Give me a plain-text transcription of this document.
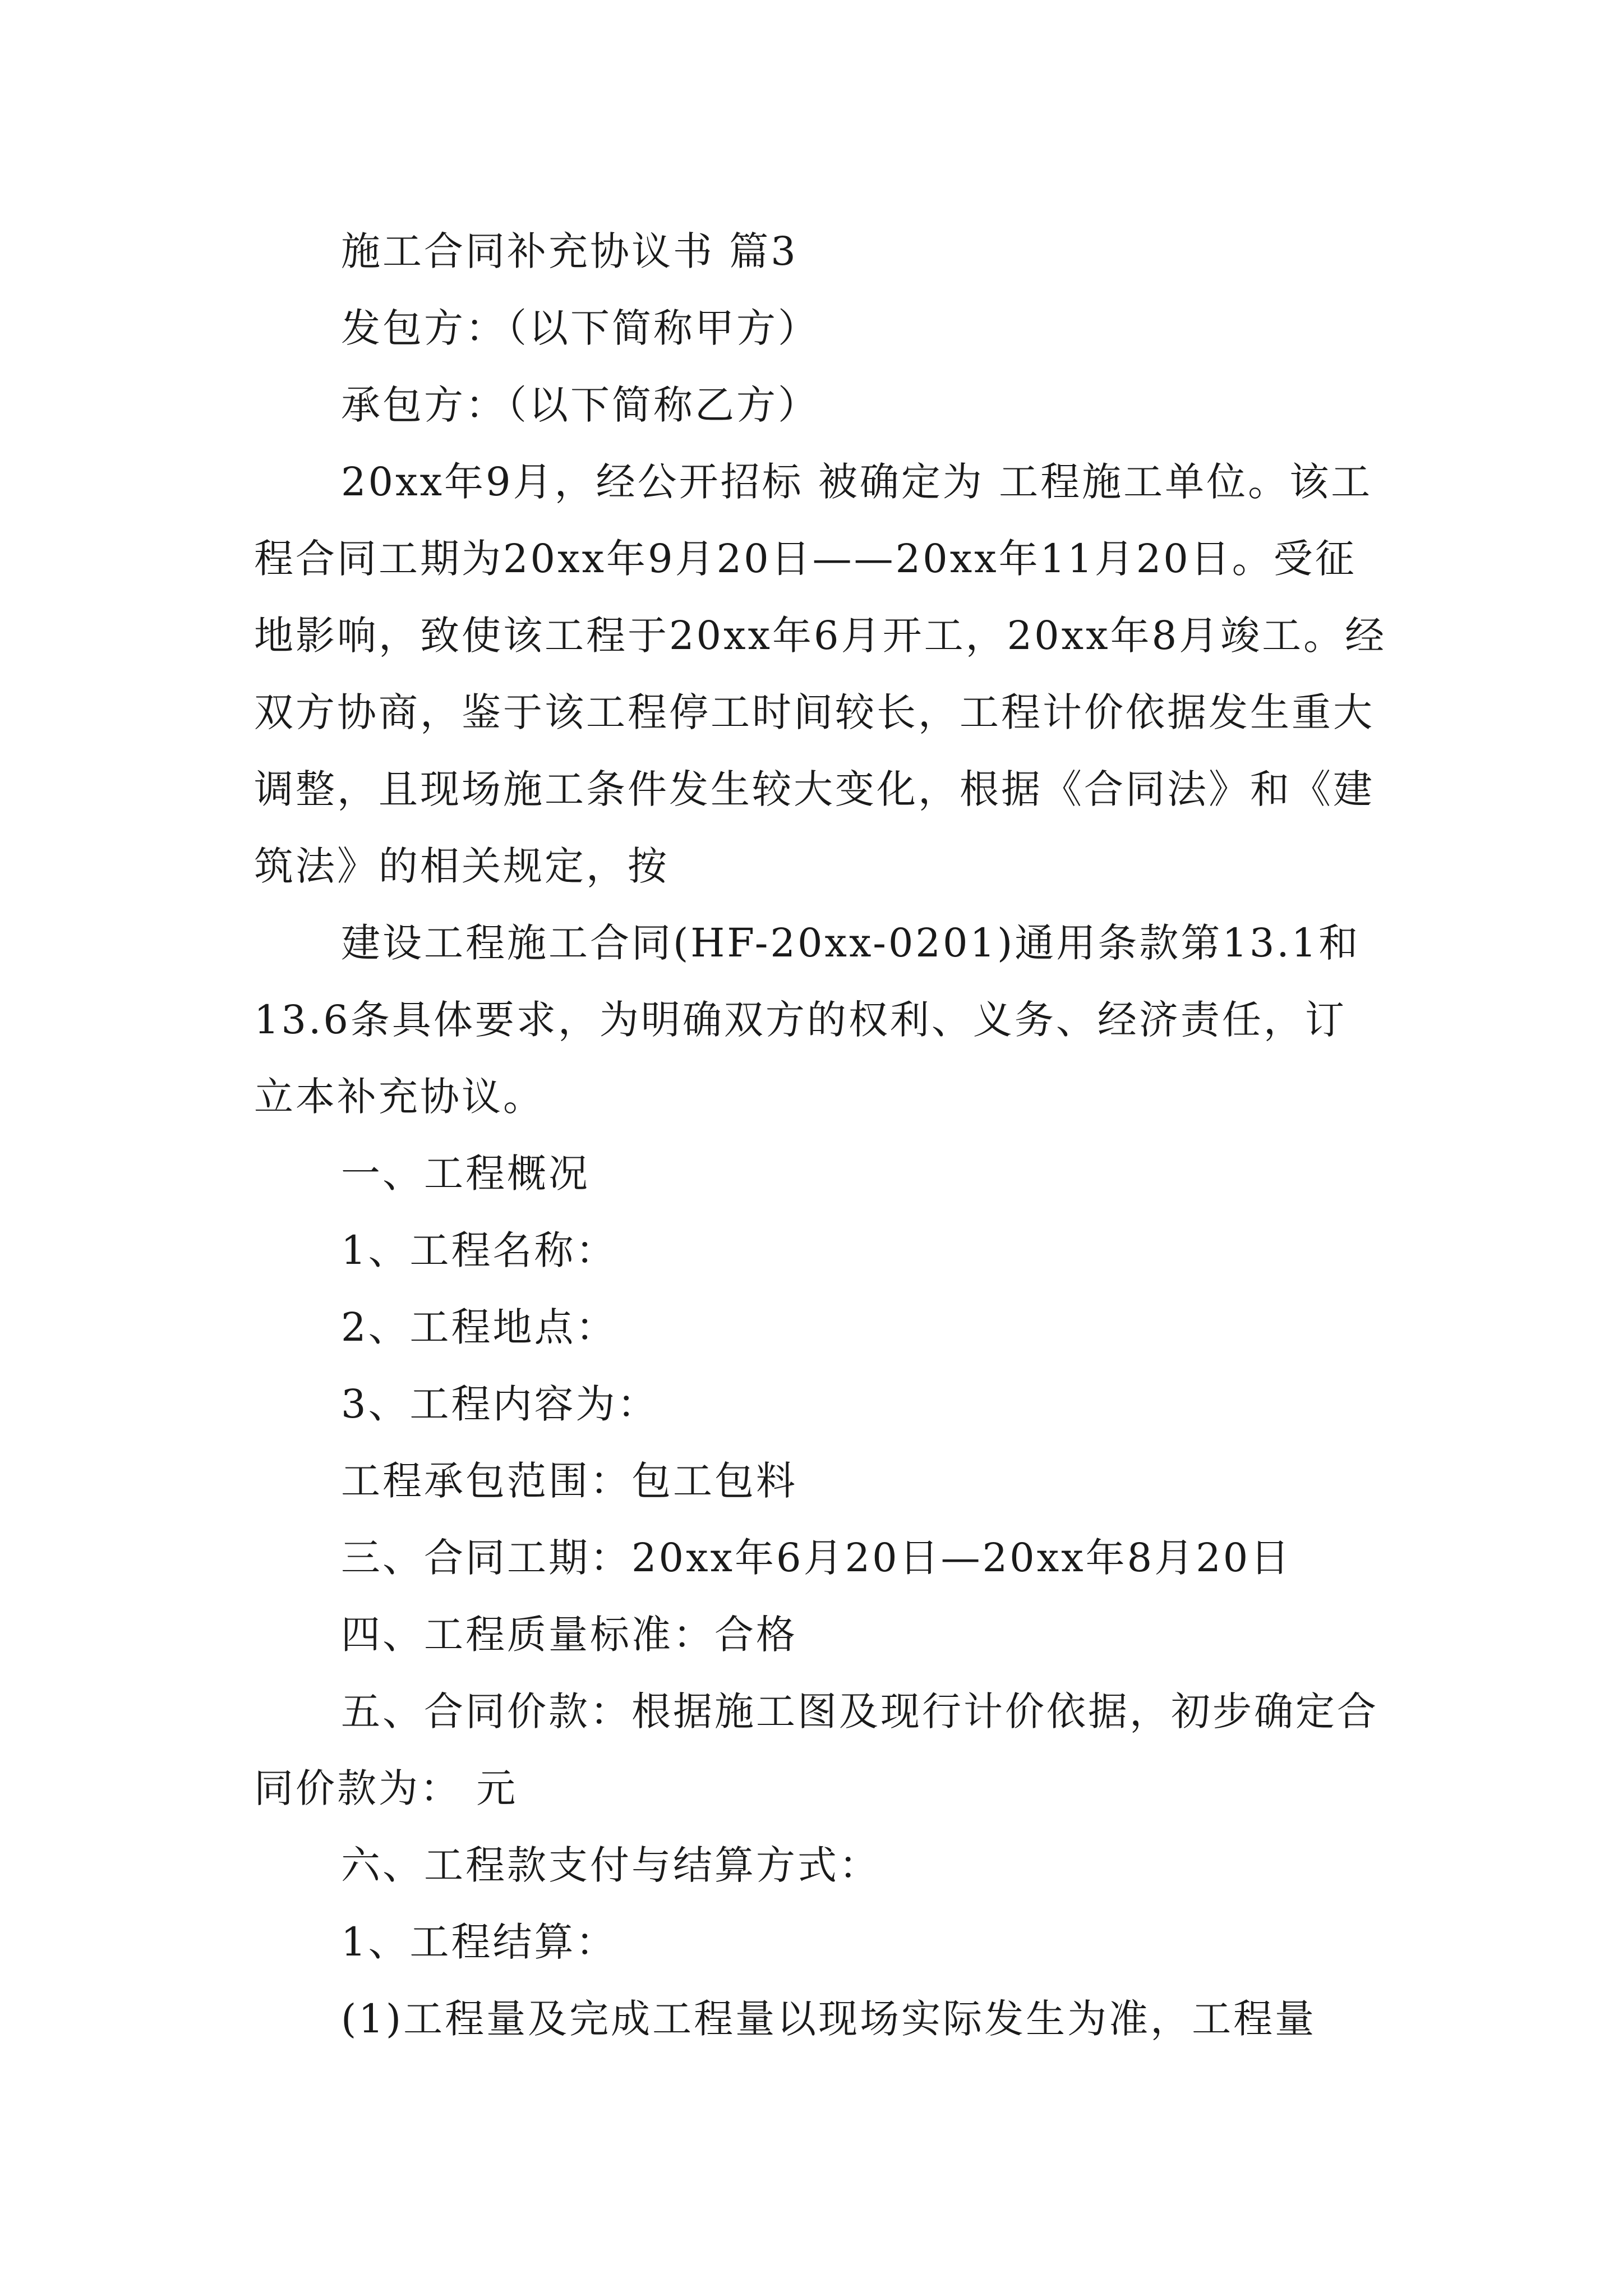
施工合同补充协议书 篇3

发包方：（以下简称甲方）

承包方：（以下简称乙方）

20xx年9月，经公开招标 被确定为 工程施工单位。该工程合同工期为20xx年9月20日——20xx年11月20日。受征地影响，致使该工程于20xx年6月开工，20xx年8月竣工。经双方协商，鉴于该工程停工时间较长，工程计价依据发生重大调整，且现场施工条件发生较大变化，根据《合同法》和《建筑法》的相关规定，按

建设工程施工合同(HF-20xx-0201)通用条款第13.1和13.6条具体要求，为明确双方的权利、义务、经济责任，订立本补充协议。

一、工程概况

1、工程名称：

2、工程地点：

3、工程内容为：

工程承包范围：包工包料

三、合同工期：20xx年6月20日—20xx年8月20日

四、工程质量标准：合格

五、合同价款：根据施工图及现行计价依据，初步确定合同价款为： 元

六、工程款支付与结算方式：

1、工程结算：

(1)工程量及完成工程量以现场实际发生为准，工程量
